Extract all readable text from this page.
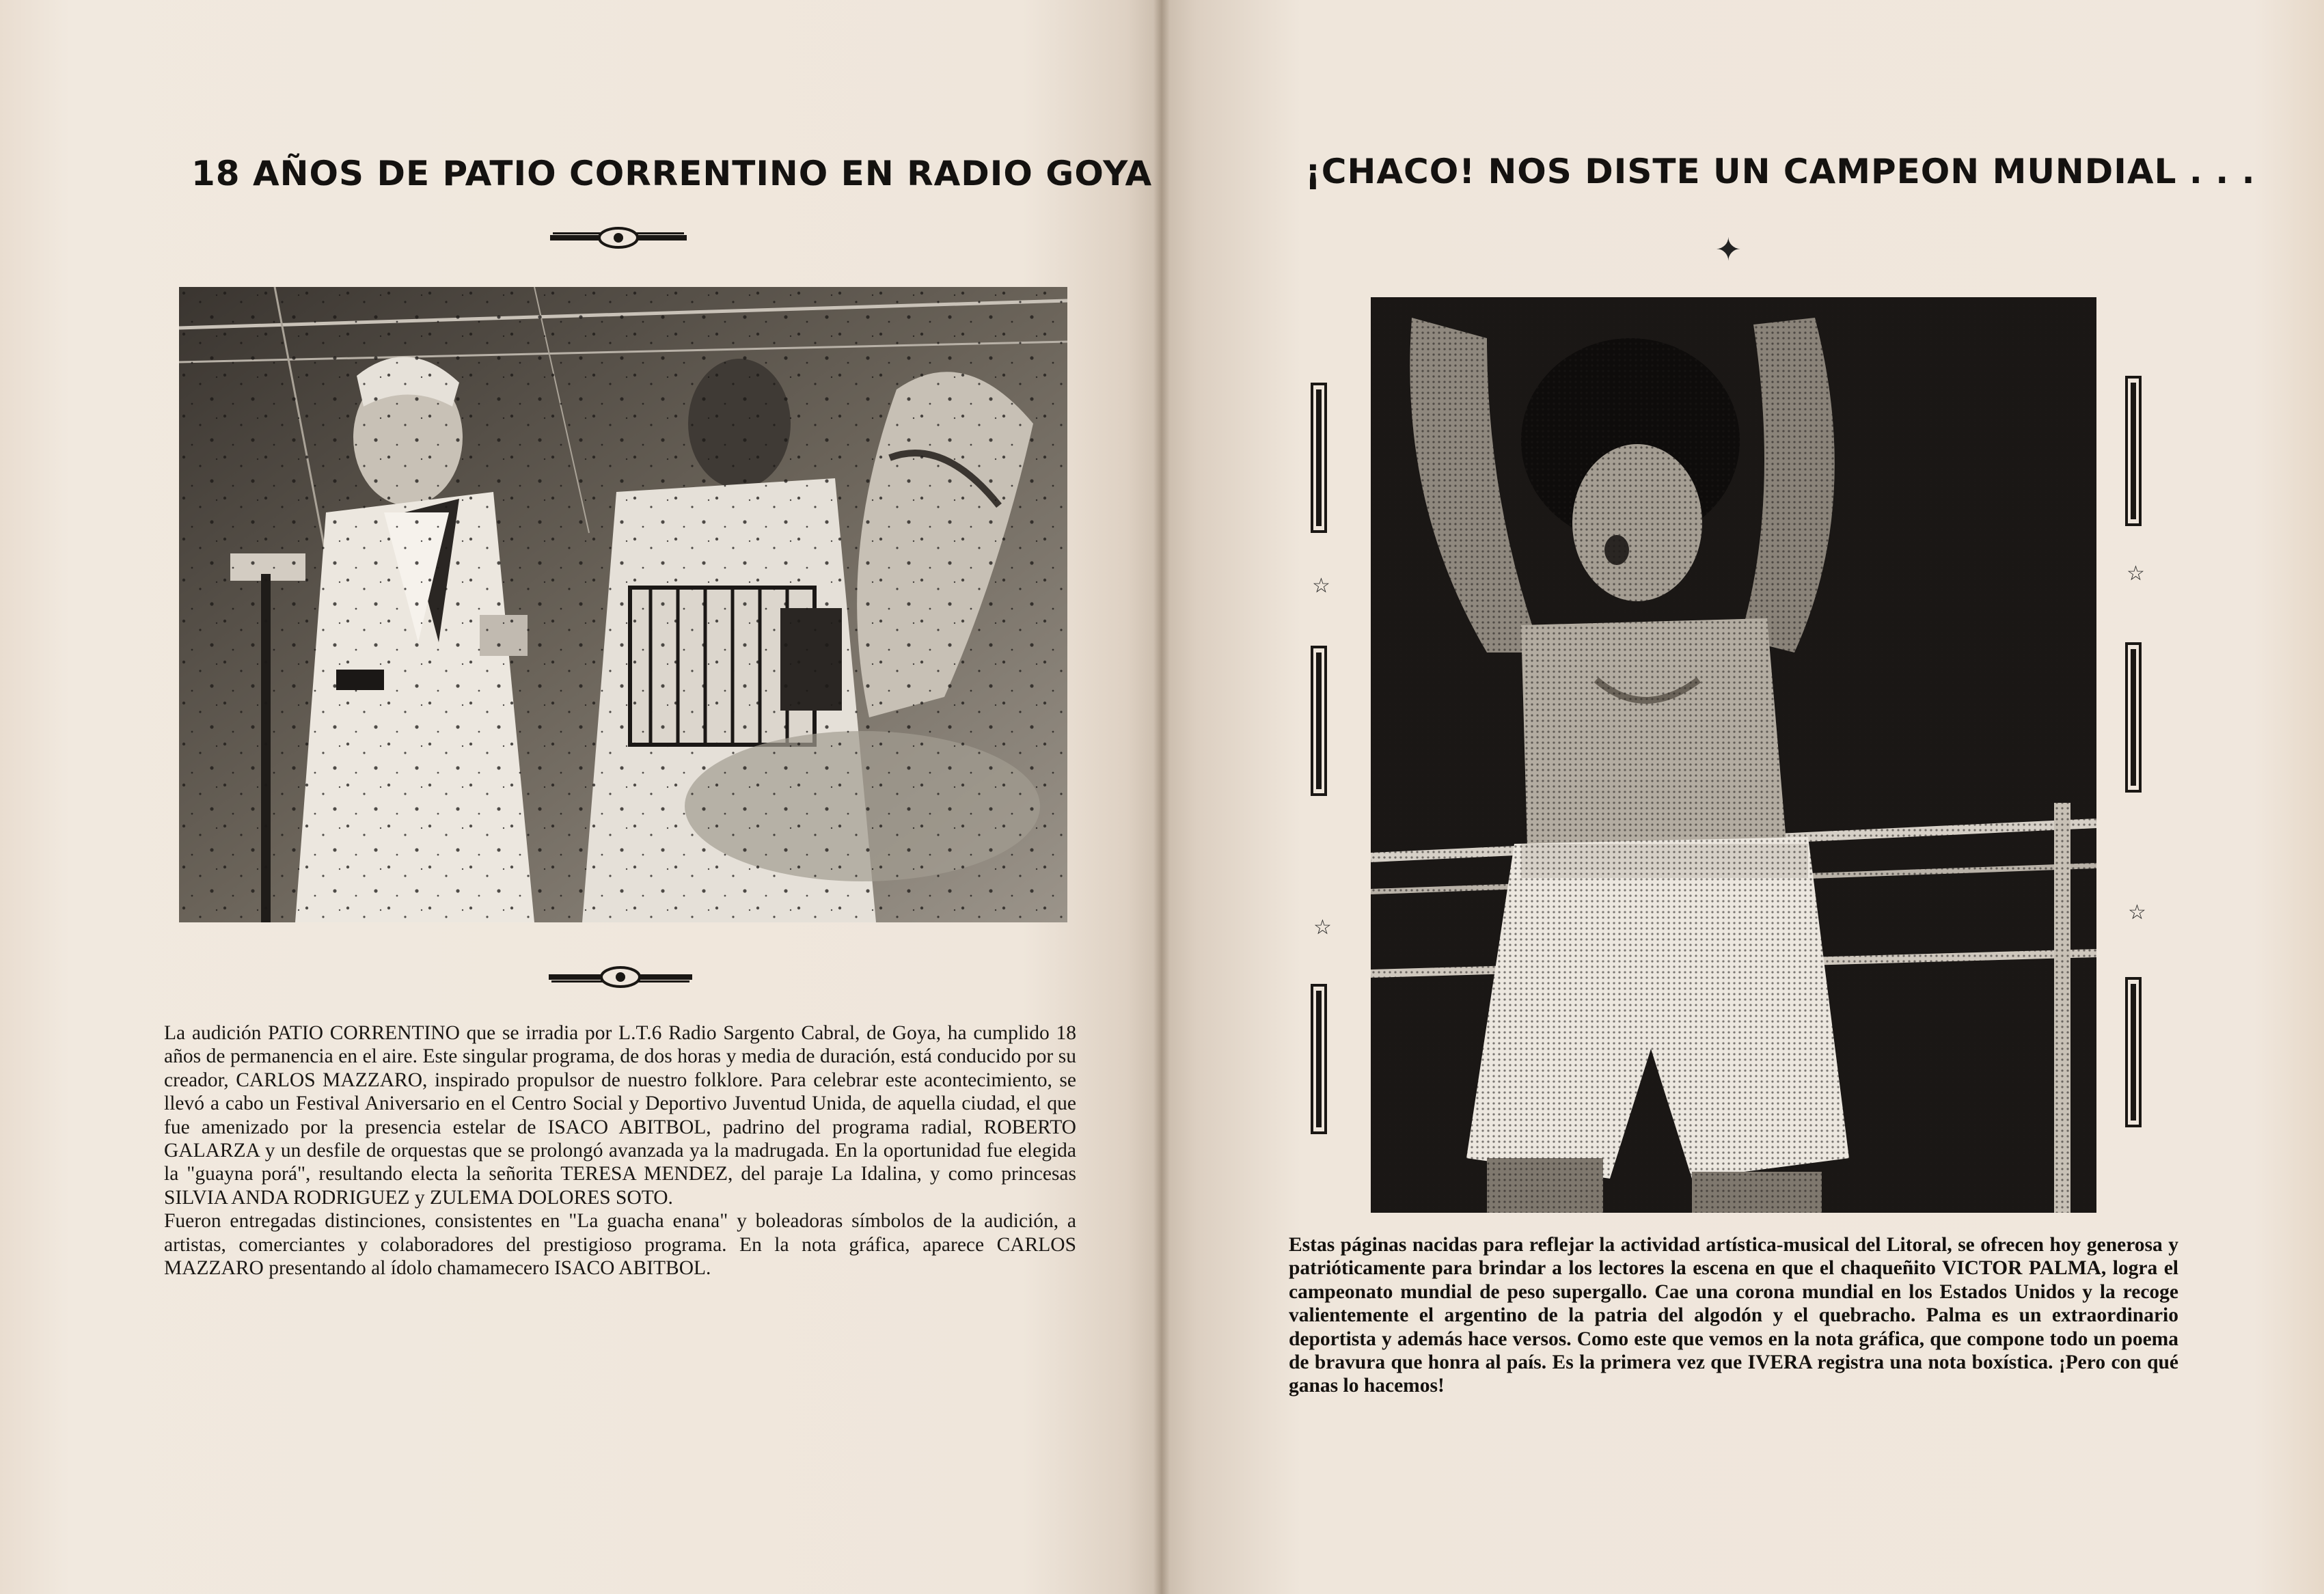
18 AÑOS DE PATIO CORRENTINO EN RADIO GOYA

La audición PATIO CORRENTINO que se irradia por L.T.6 Radio Sargento Cabral, de Goya, ha cumplido 18 años de permanencia en el aire. Este singular programa, de dos horas y media de duración, está conducido por su creador, CARLOS MAZZARO, inspirado propulsor de nuestro folklore. Para celebrar este acontecimiento, se llevó a cabo un Festival Aniversario en el Centro Social y Deportivo Juventud Unida, de aquella ciudad, el que fue amenizado por la presencia estelar de ISACO ABITBOL, padrino del programa radial, ROBERTO GALARZA y un desfile de orquestas que se prolongó avanzada ya la madrugada. En la oportunidad fue elegida la "guayna porá", resultando electa la señorita TERESA MENDEZ, del paraje La Idalina, y como princesas SILVIA ANDA RODRIGUEZ y ZULEMA DOLORES SOTO.
Fueron entregadas distinciones, consistentes en "La guacha enana" y boleadoras símbolos de la audición, a artistas, comerciantes y colaboradores del prestigioso programa. En la nota gráfica, aparece CARLOS MAZZARO presentando al ídolo chamamecero ISACO ABITBOL.

¡CHACO! NOS DISTE UN CAMPEON MUNDIAL . . .
✦
☆
☆
☆
☆

Estas páginas nacidas para reflejar la actividad artística-musical del Litoral, se ofrecen hoy generosa y patrióticamente para brindar a los lectores la escena en que el chaqueñito VICTOR PALMA, logra el campeonato mundial de peso supergallo. Cae una corona mundial en los Estados Unidos y la recoge valientemente el argentino de la patria del algodón y el quebracho. Palma es un extraordinario deportista y además hace versos. Como este que vemos en la nota gráfica, que compone todo un poema de bravura que honra al país. Es la primera vez que IVERA registra una nota boxística. ¡Pero con qué ganas lo hacemos!
